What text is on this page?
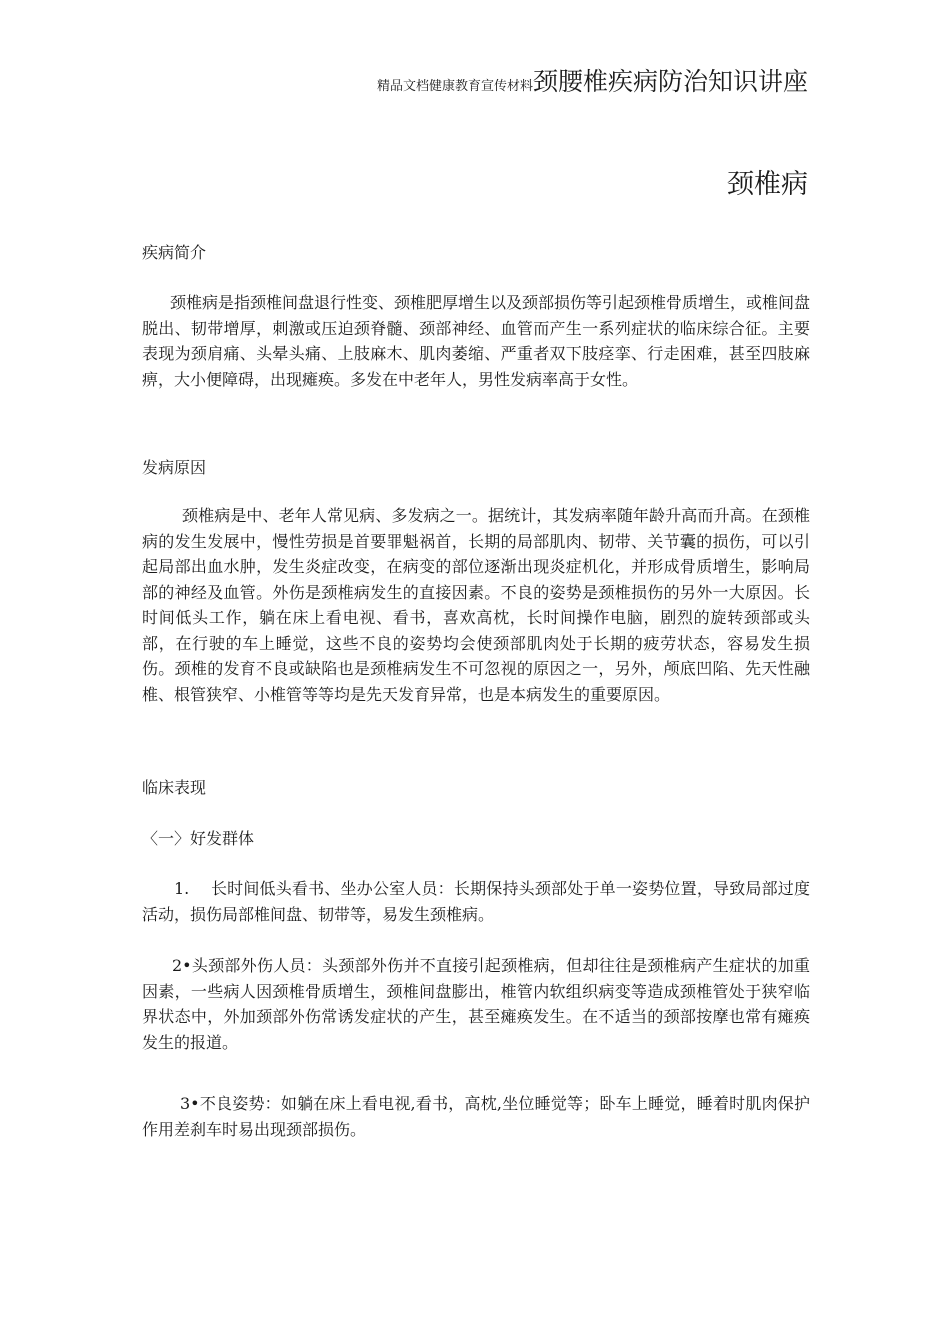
精品文档健康教育宣传材料颈腰椎疾病防治知识讲座
颈椎病
疾病简介
颈椎病是指颈椎间盘退行性变、颈椎肥厚增生以及颈部损伤等引起颈椎骨质增生，或椎间盘脱出、韧带增厚，刺激或压迫颈脊髓、颈部神经、血管而产生一系列症状的临床综合征。主要表现为颈肩痛、头晕头痛、上肢麻木、肌肉萎缩、严重者双下肢痉挛、行走困难，甚至四肢麻痹，大小便障碍，出现瘫痪。多发在中老年人，男性发病率高于女性。
发病原因
颈椎病是中、老年人常见病、多发病之一。据统计，其发病率随年龄升高而升高。在颈椎病的发生发展中，慢性劳损是首要罪魁祸首，长期的局部肌肉、韧带、关节囊的损伤，可以引起局部出血水肿，发生炎症改变，在病变的部位逐渐出现炎症机化，并形成骨质增生，影响局部的神经及血管。外伤是颈椎病发生的直接因素。不良的姿势是颈椎损伤的另外一大原因。长时间低头工作，躺在床上看电视、看书，喜欢高枕，长时间操作电脑，剧烈的旋转颈部或头部，在行驶的车上睡觉，这些不良的姿势均会使颈部肌肉处于长期的疲劳状态，容易发生损伤。颈椎的发育不良或缺陷也是颈椎病发生不可忽视的原因之一，另外，颅底凹陷、先天性融椎、根管狭窄、小椎管等等均是先天发育异常，也是本病发生的重要原因。
临床表现
〈一〉好发群体
1.　 长时间低头看书、坐办公室人员：长期保持头颈部处于单一姿势位置，导致局部过度活动，损伤局部椎间盘、韧带等，易发生颈椎病。
2•头颈部外伤人员：头颈部外伤并不直接引起颈椎病，但却往往是颈椎病产生症状的加重因素，一些病人因颈椎骨质增生，颈椎间盘膨出，椎管内软组织病变等造成颈椎管处于狭窄临界状态中，外加颈部外伤常诱发症状的产生，甚至瘫痪发生。在不适当的颈部按摩也常有瘫痪发生的报道。
3•不良姿势：如躺在床上看电视,看书，高枕,坐位睡觉等；卧车上睡觉，睡着时肌肉保护作用差刹车时易出现颈部损伤。
